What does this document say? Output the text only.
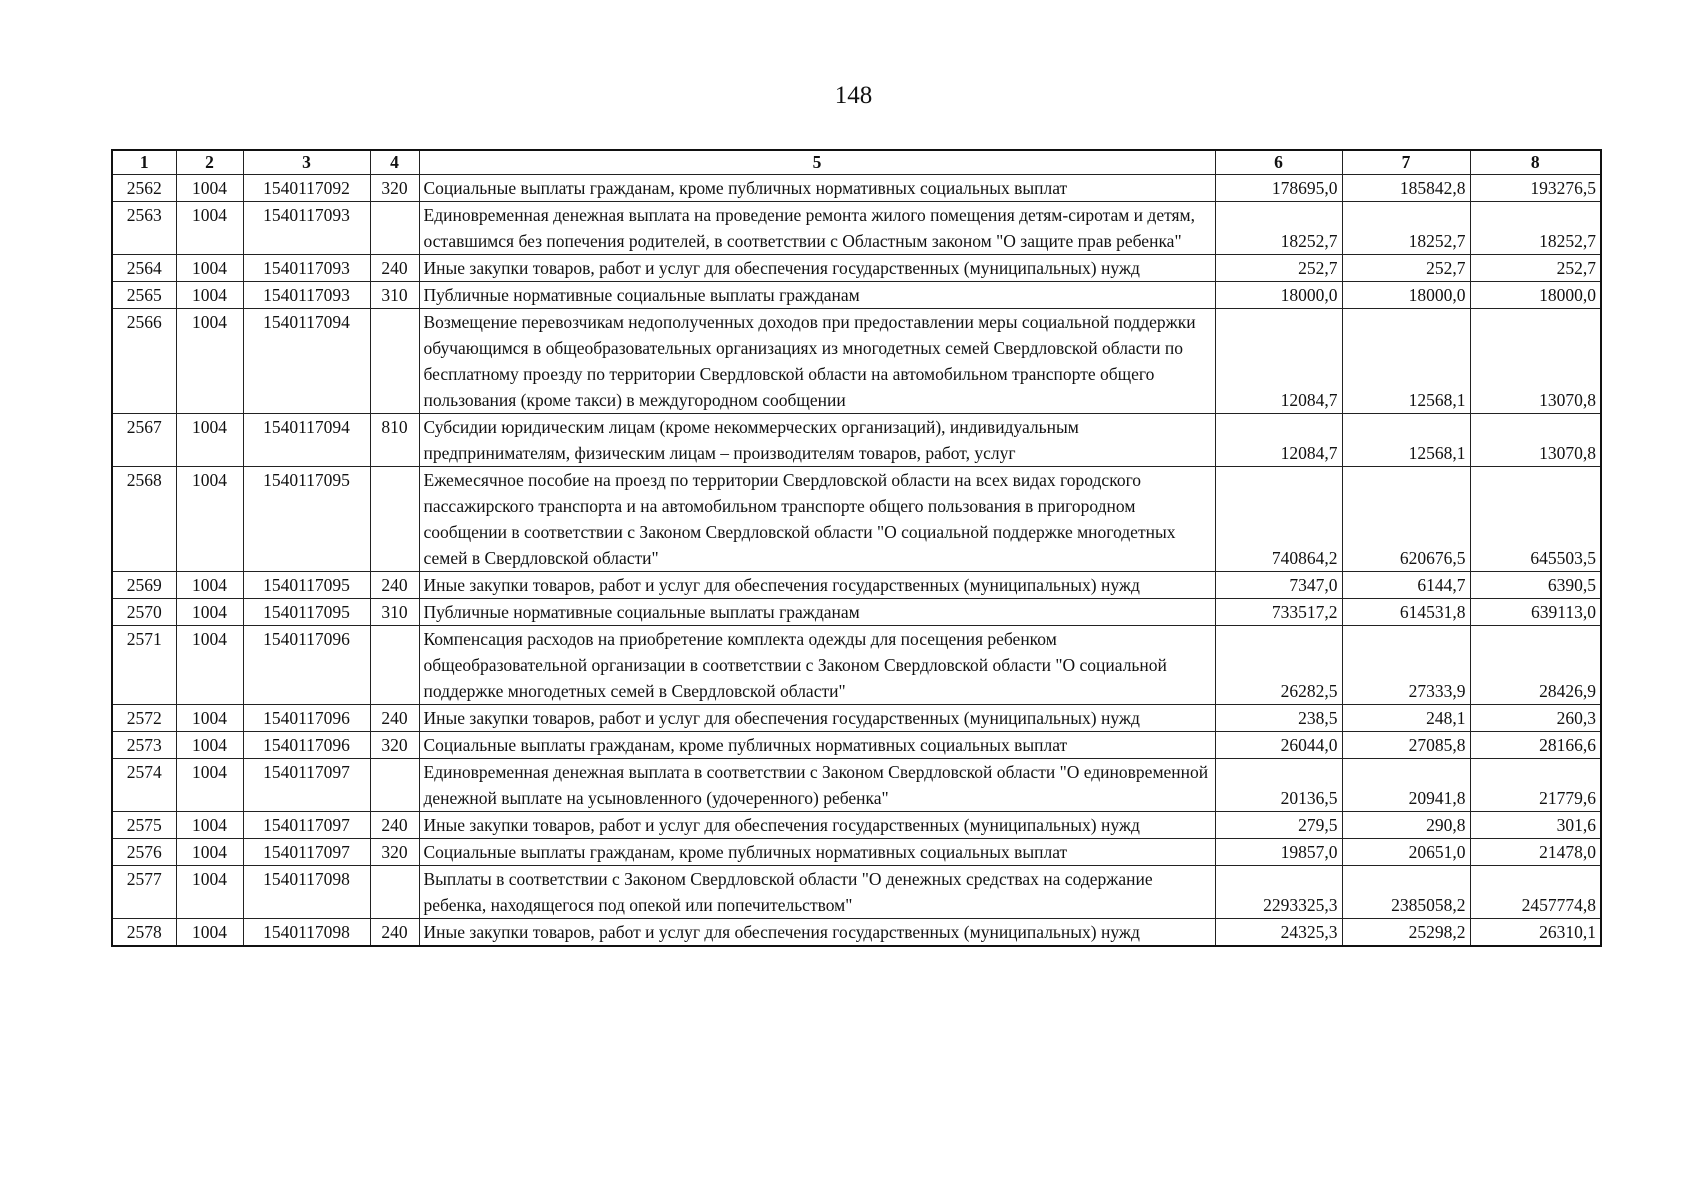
148
1	2	3	4	5	6	7	8
2562	1004	1540117092	320	Социальные выплаты гражданам, кроме публичных нормативных социальных выплат	178695,0	185842,8	193276,5
2563	1004	1540117093		Единовременная денежная выплата на проведение ремонта жилого помещения детям-сиротам и детям, оставшимся без попечения родителей, в соответствии с Областным законом "О защите прав ребенка"	18252,7	18252,7	18252,7
2564	1004	1540117093	240	Иные закупки товаров, работ и услуг для обеспечения государственных (муниципальных) нужд	252,7	252,7	252,7
2565	1004	1540117093	310	Публичные нормативные социальные выплаты гражданам	18000,0	18000,0	18000,0
2566	1004	1540117094		Возмещение перевозчикам недополученных доходов при предоставлении меры социальной поддержки обучающимся в общеобразовательных организациях из многодетных семей Свердловской области по бесплатному проезду по территории Свердловской области на автомобильном транспорте общего пользования (кроме такси) в междугородном сообщении	12084,7	12568,1	13070,8
2567	1004	1540117094	810	Субсидии юридическим лицам (кроме некоммерческих организаций), индивидуальным предпринимателям, физическим лицам – производителям товаров, работ, услуг	12084,7	12568,1	13070,8
2568	1004	1540117095		Ежемесячное пособие на проезд по территории Свердловской области на всех видах городского пассажирского транспорта и на автомобильном транспорте общего пользования в пригородном сообщении в соответствии с Законом Свердловской области "О социальной поддержке многодетных семей в Свердловской области"	740864,2	620676,5	645503,5
2569	1004	1540117095	240	Иные закупки товаров, работ и услуг для обеспечения государственных (муниципальных) нужд	7347,0	6144,7	6390,5
2570	1004	1540117095	310	Публичные нормативные социальные выплаты гражданам	733517,2	614531,8	639113,0
2571	1004	1540117096		Компенсация расходов на приобретение комплекта одежды для посещения ребенком общеобразовательной организации в соответствии с Законом Свердловской области "О социальной поддержке многодетных семей в Свердловской области"	26282,5	27333,9	28426,9
2572	1004	1540117096	240	Иные закупки товаров, работ и услуг для обеспечения государственных (муниципальных) нужд	238,5	248,1	260,3
2573	1004	1540117096	320	Социальные выплаты гражданам, кроме публичных нормативных социальных выплат	26044,0	27085,8	28166,6
2574	1004	1540117097		Единовременная денежная выплата в соответствии с Законом Свердловской области "О единовременной денежной выплате на усыновленного (удочеренного) ребенка"	20136,5	20941,8	21779,6
2575	1004	1540117097	240	Иные закупки товаров, работ и услуг для обеспечения государственных (муниципальных) нужд	279,5	290,8	301,6
2576	1004	1540117097	320	Социальные выплаты гражданам, кроме публичных нормативных социальных выплат	19857,0	20651,0	21478,0
2577	1004	1540117098		Выплаты в соответствии с Законом Свердловской области "О денежных средствах на содержание ребенка, находящегося под опекой или попечительством"	2293325,3	2385058,2	2457774,8
2578	1004	1540117098	240	Иные закупки товаров, работ и услуг для обеспечения государственных (муниципальных) нужд	24325,3	25298,2	26310,1
